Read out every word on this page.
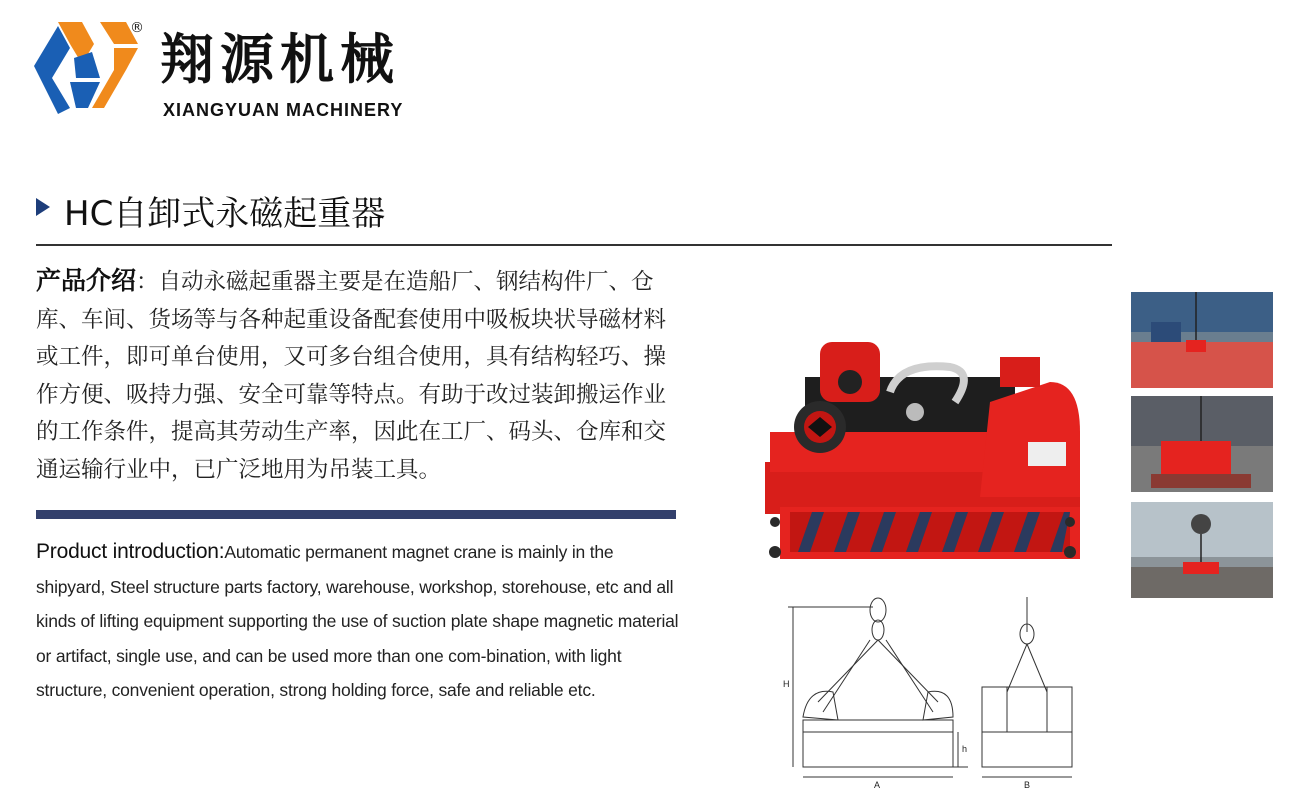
® 翔源机械
XIANGYUAN MACHINERY
HC自卸式永磁起重器

产品介绍：自动永磁起重器主要是在造船厂、钢结构件厂、仓库、车间、货场等与各种起重设备配套使用中吸板块状导磁材料或工件，即可单台使用，又可多台组合使用，具有结构轻巧、操作方便、吸持力强、安全可靠等特点。有助于改过装卸搬运作业的工作条件，提高其劳动生产率，因此在工厂、码头、仓库和交通运输行业中，已广泛地用为吊装工具。

Product introduction:Automatic permanent magnet crane is mainly in the shipyard, Steel structure parts factory, warehouse, workshop, storehouse, etc and all kinds of lifting equipment supporting the use of suction plate shape magnetic material or artifact, single use, and can be used more than one com-bination, with light structure, convenient operation, strong holding force, safe and reliable etc.	H
h
A	B
